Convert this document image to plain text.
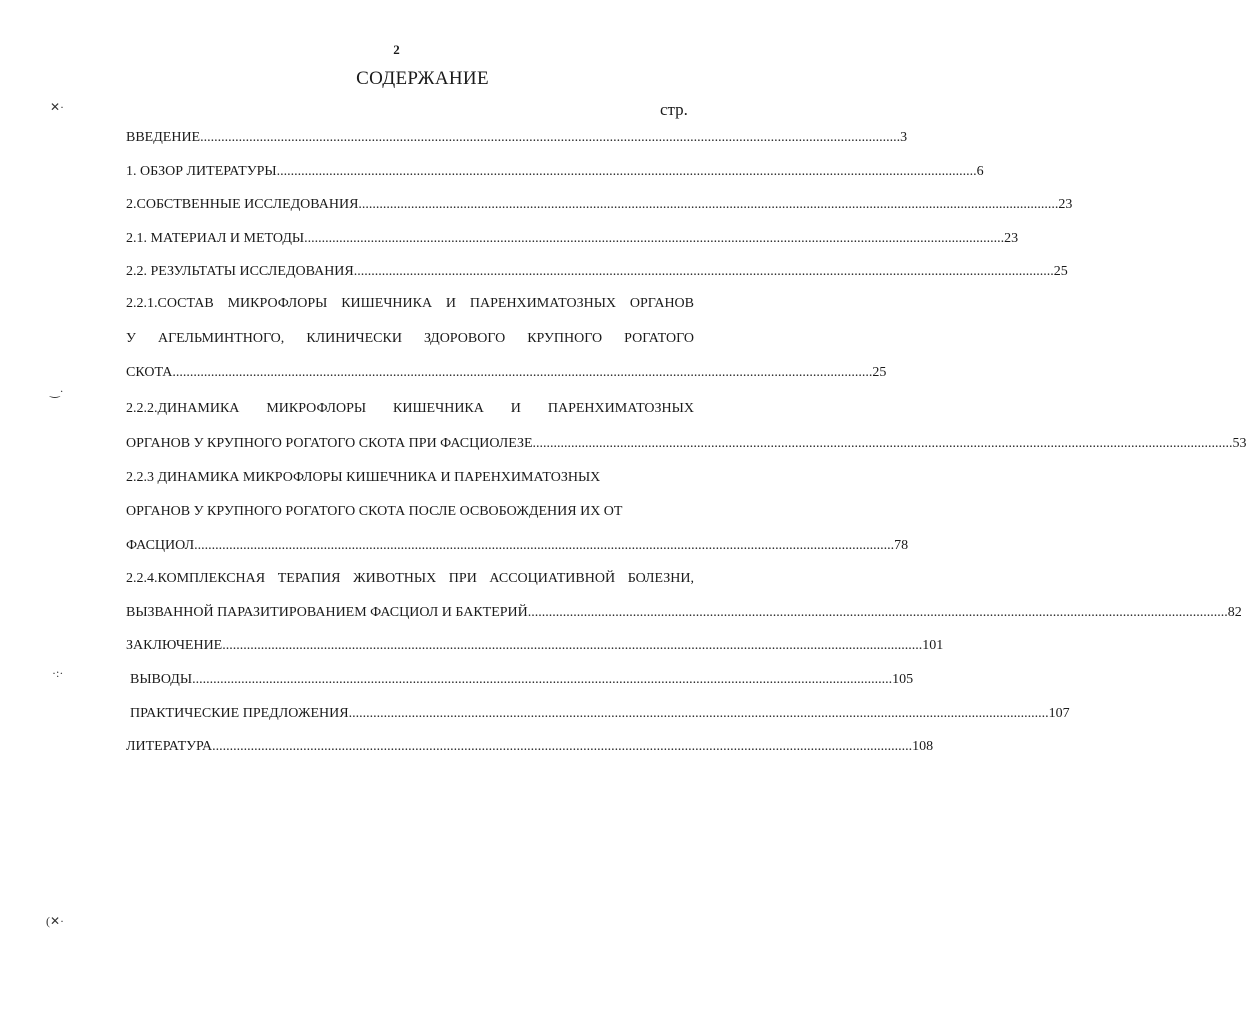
2
СОДЕРЖАНИЕ
стр.
✕·
‿·
·:·
(✕·
ВВЕДЕНИЕ ........................................................................................................................................................................................................ 3
1. ОБЗОР ЛИТЕРАТУРЫ ........................................................................................................................................................................................................ 6
2.СОБСТВЕННЫЕ ИССЛЕДОВАНИЯ ........................................................................................................................................................................................................ 23
2.1. МАТЕРИАЛ И МЕТОДЫ ........................................................................................................................................................................................................ 23
2.2. РЕЗУЛЬТАТЫ ИССЛЕДОВАНИЯ ........................................................................................................................................................................................................ 25
2.2.1.СОСТАВ МИКРОФЛОРЫ КИШЕЧНИКА И ПАРЕНХИМАТОЗНЫХ ОРГАНОВ
У АГЕЛЬМИНТНОГО, КЛИНИЧЕСКИ ЗДОРОВОГО КРУПНОГО РОГАТОГО
СКОТА ........................................................................................................................................................................................................ 25
2.2.2.ДИНАМИКА МИКРОФЛОРЫ КИШЕЧНИКА И ПАРЕНХИМАТОЗНЫХ
ОРГАНОВ У КРУПНОГО РОГАТОГО СКОТА ПРИ ФАСЦИОЛЕЗЕ ........................................................................................................................................................................................................ 53
2.2.3 ДИНАМИКА МИКРОФЛОРЫ КИШЕЧНИКА И ПАРЕНХИМАТОЗНЫХ
ОРГАНОВ У КРУПНОГО РОГАТОГО СКОТА ПОСЛЕ ОСВОБОЖДЕНИЯ ИХ ОТ
ФАСЦИОЛ ........................................................................................................................................................................................................ 78
2.2.4.КОМПЛЕКСНАЯ ТЕРАПИЯ ЖИВОТНЫХ ПРИ АССОЦИАТИВНОЙ БОЛЕЗНИ,
ВЫЗВАННОЙ ПАРАЗИТИРОВАНИЕМ ФАСЦИОЛ И БАКТЕРИЙ ........................................................................................................................................................................................................ 82
ЗАКЛЮЧЕНИЕ ........................................................................................................................................................................................................ 101
ВЫВОДЫ ........................................................................................................................................................................................................ 105
ПРАКТИЧЕСКИЕ ПРЕДЛОЖЕНИЯ ........................................................................................................................................................................................................ 107
ЛИТЕРАТУРА ........................................................................................................................................................................................................ 108
